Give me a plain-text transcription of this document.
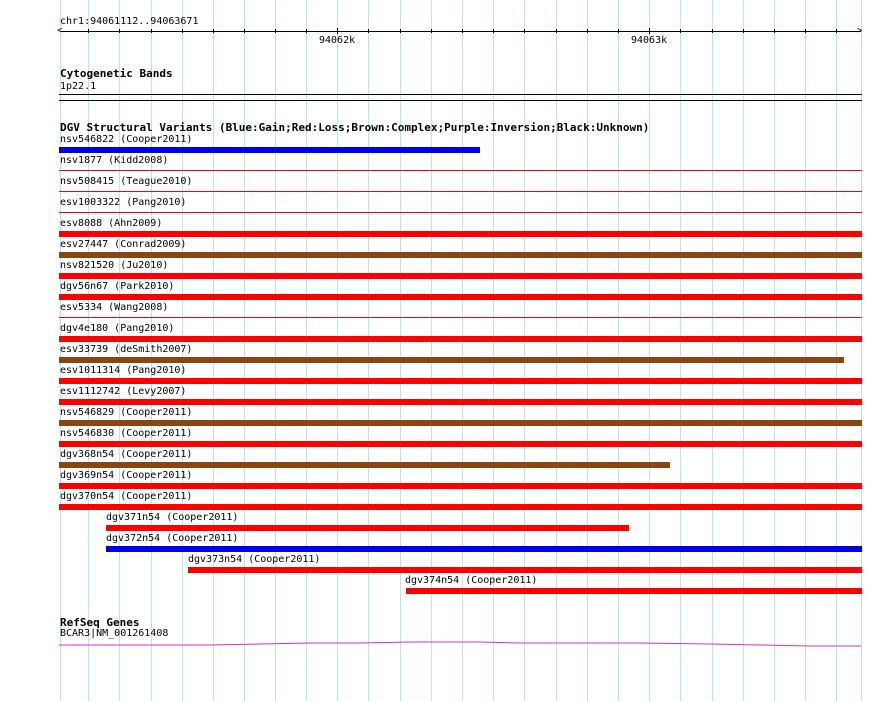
chr1:94061112..94063671
<	>
94062k	94063k
Cytogenetic Bands
1p22.1
DGV Structural Variants (Blue:Gain;Red:Loss;Brown:Complex;Purple:Inversion;Black:Unknown)
nsv546822 (Cooper2011)
nsv1877 (Kidd2008)
nsv508415 (Teague2010)
esv1003322 (Pang2010)
esv8088 (Ahn2009)
esv27447 (Conrad2009)
nsv821520 (Ju2010)
dgv56n67 (Park2010)
esv5334 (Wang2008)
dgv4e180 (Pang2010)
esv33739 (deSmith2007)
esv1011314 (Pang2010)
esv1112742 (Levy2007)
nsv546829 (Cooper2011)
nsv546830 (Cooper2011)
dgv368n54 (Cooper2011)
dgv369n54 (Cooper2011)
dgv370n54 (Cooper2011)
dgv371n54 (Cooper2011)
dgv372n54 (Cooper2011)
dgv373n54 (Cooper2011)
dgv374n54 (Cooper2011)
RefSeq Genes
BCAR3|NM_001261408
